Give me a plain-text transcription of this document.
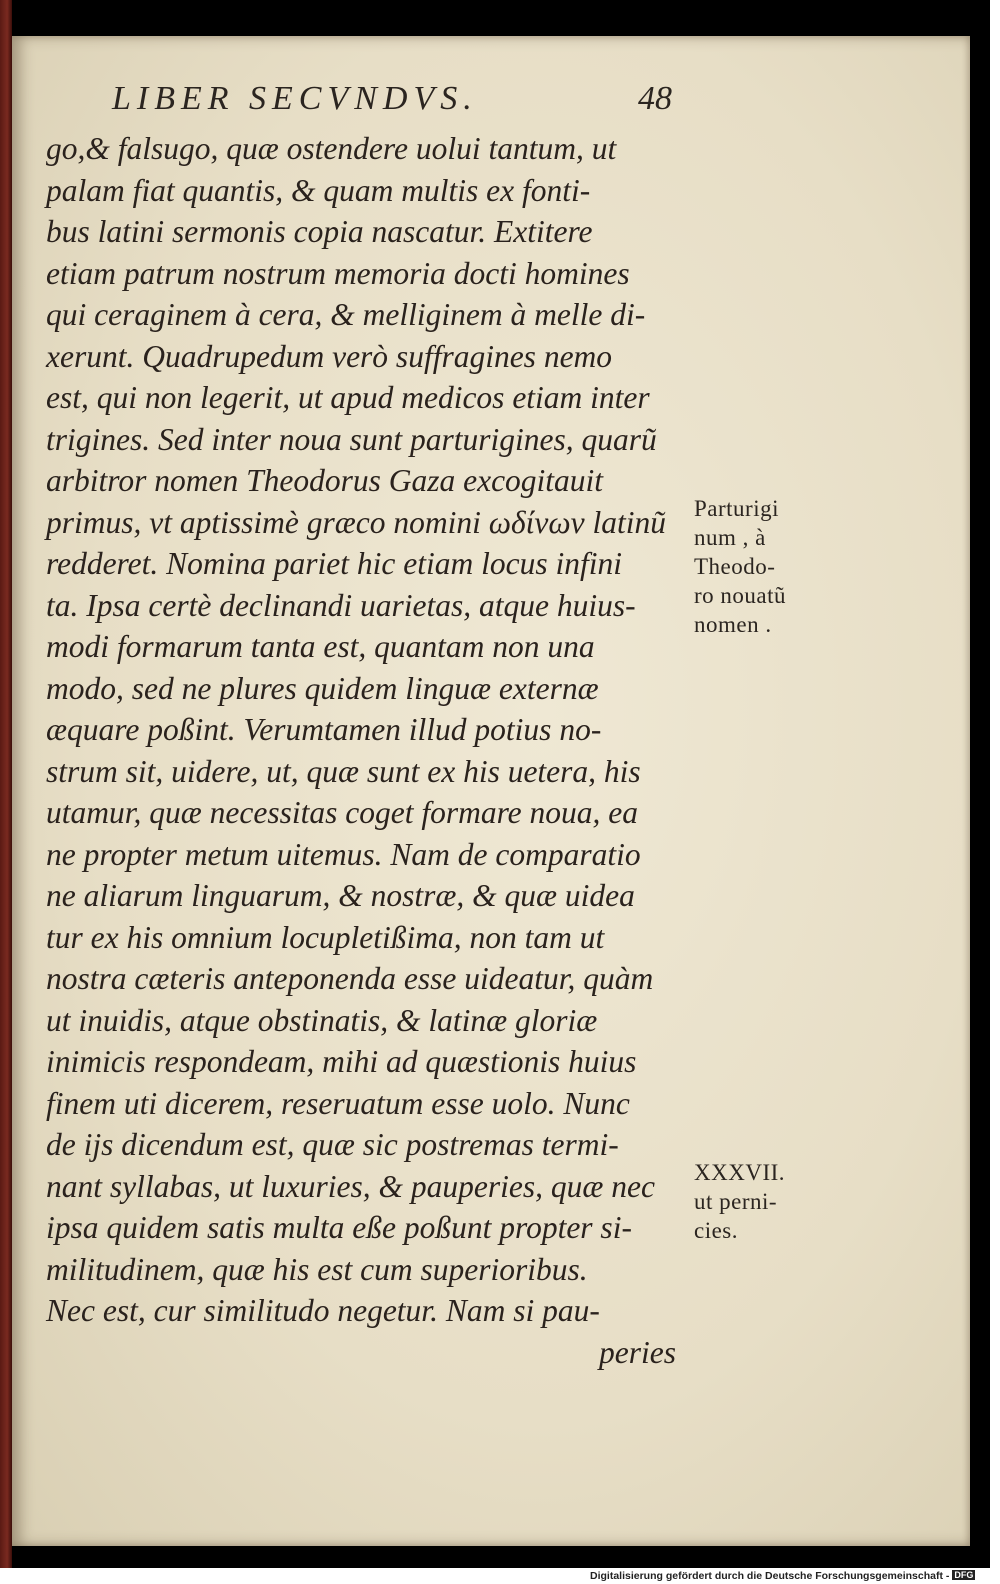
LIBER SECVNDVS.	48
go,& falsugo, quæ ostendere uolui tantum, ut
palam fiat quantis, & quam multis ex fonti-
bus latini sermonis copia nascatur. Extitere
etiam patrum nostrum memoria docti homines
qui ceraginem à cera, & melliginem à melle di-
xerunt. Quadrupedum verò suffragines nemo
est, qui non legerit, ut apud medicos etiam inter
trigines. Sed inter noua sunt parturigines, quarũ
arbitror nomen Theodorus Gaza excogitauit
primus, vt aptissimè græco nomini ωδίνων latinũ
redderet. Nomina pariet hic etiam locus infini
ta. Ipsa certè declinandi uarietas, atque huius-
modi formarum tanta est, quantam non una
modo, sed ne plures quidem linguæ externæ
æquare poßint. Verumtamen illud potius no-
strum sit, uidere, ut, quæ sunt ex his uetera, his
utamur, quæ necessitas coget formare noua, ea
ne propter metum uitemus. Nam de comparatio
ne aliarum linguarum, & nostræ, & quæ uidea
tur ex his omnium locupletißima, non tam ut
nostra cæteris anteponenda esse uideatur, quàm
ut inuidis, atque obstinatis, & latinæ gloriæ
inimicis respondeam, mihi ad quæstionis huius
finem uti dicerem, reseruatum esse uolo. Nunc
de ijs dicendum est, quæ sic postremas termi-
nant syllabas, ut luxuries, & pauperies, quæ nec
ipsa quidem satis multa eße poßunt propter si-
militudinem, quæ his est cum superioribus.
Nec est, cur similitudo negetur. Nam si pau-
peries
Parturigi
num , à
Theodo-
ro nouatũ
nomen .
XXXVII.
ut perni-
cies.
Digitalisierung gefördert durch die Deutsche Forschungsgemeinschaft - DFG
